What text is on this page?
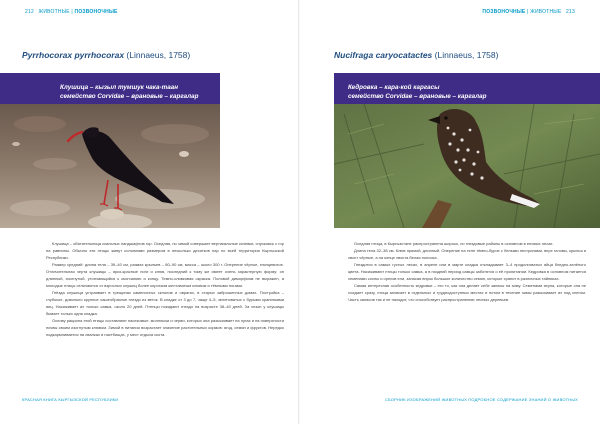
212 ЖИВОТНЫЕ | ПОЗВОНОЧНЫЕ
Pyrrhocorax pyrrhocorax (Linnaeus, 1758)
Клушица – кызыл тумшук чака-таан
семейство Corvidae – врановые – каргалар

Клушица – обитательница скальных ландшафтов гор. Оседлая, но зимой совершает вертикальные кочевки, спускаясь с гор на равнины. Обычно эти птицы живут колониями размером в несколько десятков пар по всей территории Кыргызской Республики.

Размер средний: длина тела – 39–40 см, размах крыльев – 80–90 см, масса – около 300 г. Оперение чёрное, глянцевитое. Отличительная черта клушицы – ярко-красные ноги и клюв, последний к тому же имеет очень характерную форму: он длинный, изогнутый, утончающийся к окончанию и концу. Темно-оливковая окраска. Половой диморфизм не выражен, а молодые птицы отличаются от взрослых клушиц более коротким желтоватым клювом и тёмными ногами.

Гнёзда клушица устраивает в трещинах каменистых склонов и оврагах, в старых заброшенных домах. Постройка – глубокое, довольно крупное чашеобразное гнездо из веток. В кладке от 3 до 7, чаще 4–5, зеленоватых с бурыми крапинками яиц. Насиживает их только самка, около 20 дней. Птенцы покидают гнездо на возрасте 38–40 дней. За сезон у клушицы бывает только одна кладка.

Основу рациона этой птицы составляют насекомые, моллюски и черви, которых она разыскивает на лугах и на поверхности почвы своим изогнутым клювом. Зимой в питании возрастает значение растительных кормов: ягод, семян и фруктов. Нередко подкармливается на свалках и пастбищах, у мест отдыха скота.

КРАСНАЯ КНИГА КЫРГЫЗСКОЙ РЕСПУБЛИКИ
ПОЗВОНОЧНЫЕ | ЖИВОТНЫЕ 213
Nucifraga caryocatactes (Linnaeus, 1758)
Кедровка – кара-кой каргасы
семейство Corvidae – врановые – каргалар

Оседлая птица, в Кыргызстане распространена широко, но гнездовые районы в основном в еловых лесах.

Длина тела 32–38 см. Клюв прямой, длинный. Оперение на теле тёмно-бурое с белыми пестринами, верх головы, крылья и хвост чёрные, а на конце хвоста белая полоска.

Гнездится в самых густых лесах, в апреле или в марте кладка откладывает 3–4 продолговатых яйца бледно-зелёного цвета. Насиживают птицы только самка, а в поздний период самцы заботятся о её пропитании. Кедровка в основном питается семенами сосны и орехов ели, запасая впрок большое количество семян, которые хранит в различных тайниках.

Самая интересная особенность кедровки – это то, как она делает себе запасы на зиму. Семенами зерна, которые она не съедает сразу, птица запасает в отдельных и труднодоступных местах и потом в течение зимы разыскивает их под снегом. Часть запасов так и не находит, что способствует распространению лесных деревьев.

СБОРНИК ИЗОБРАЖЕНИЙ ЖИВОТНЫХ ПОДРОБНОЕ СОДЕРЖАНИЕ ЗНАНИЙ О ЖИВОТНЫХ
